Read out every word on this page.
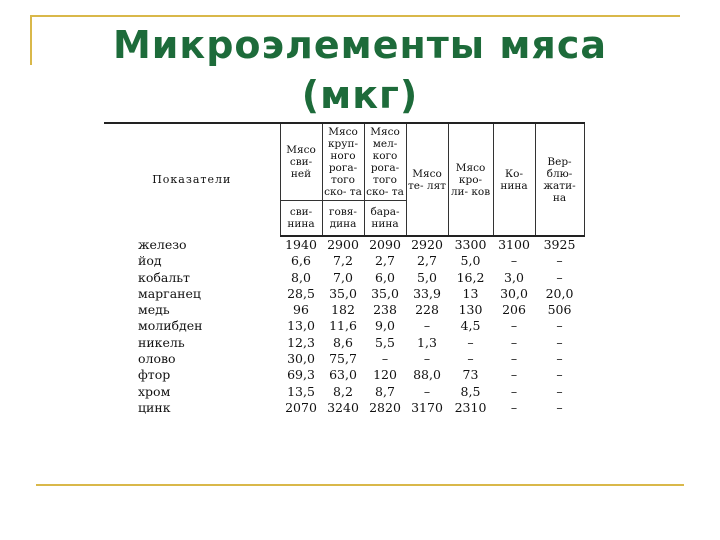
Микроэлементы мяса (мкг)
Показатели	Мясо сви- ней	Мясо круп- ного рога- того ско- та	Мясо мел- кого рога- того ско- та	Мясо те- лят	Мясо кро- ли- ков	Ко- нина	Вер- блю- жати- на
	сви- нина	говя- дина	бара- нина				
железо	1940	2900	2090	2920	3300	3100	3925
йод	6,6	7,2	2,7	2,7	5,0	–	–
кобальт	8,0	7,0	6,0	5,0	16,2	3,0	–
марганец	28,5	35,0	35,0	33,9	13	30,0	20,0
медь	96	182	238	228	130	206	506
молибден	13,0	11,6	9,0	–	4,5	–	–
никель	12,3	8,6	5,5	1,3	–	–	–
олово	30,0	75,7	–	–	–	–	–
фтор	69,3	63,0	120	88,0	73	–	–
хром	13,5	8,2	8,7	–	8,5	–	–
цинк	2070	3240	2820	3170	2310	–	–
